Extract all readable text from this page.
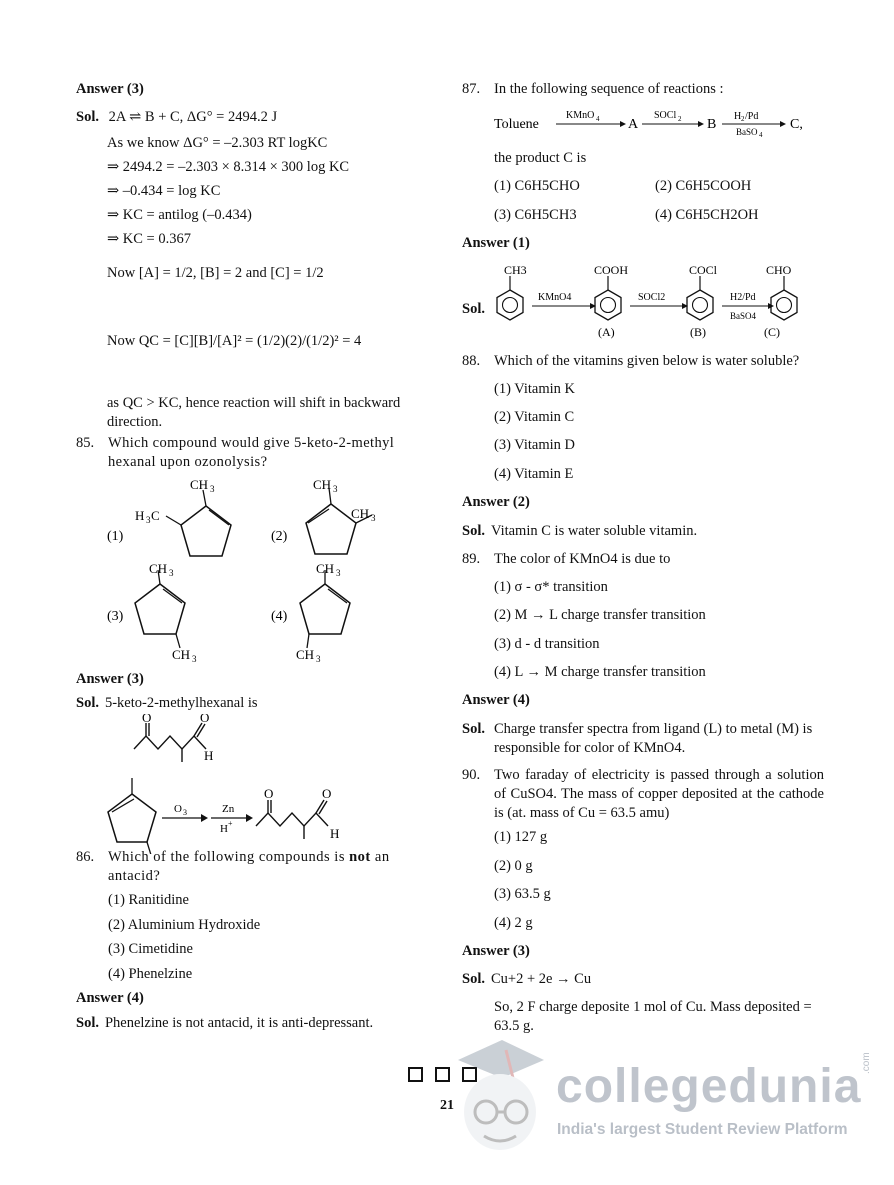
Answer (3)
Sol. 2A ⇌ B + C, ΔG° = 2494.2 J
As we know ΔG° = –2.303 RT logKC
⇒ 2494.2 = –2.303 × 8.314 × 300 log KC
⇒ –0.434 = log KC
⇒ KC = antilog (–0.434)
⇒ KC = 0.367
Now [A] = 1/2, [B] = 2 and [C] = 1/2
Now QC = [C][B]/[A]² = (1/2)(2)/(1/2)² = 4
as QC > KC, hence reaction will shift in backward direction.
85. Which compound would give 5-keto-2-methyl hexanal upon ozonolysis?
(1)
CH 3
H 3 C
(2)
CH 3
CH 3
(3)
CH 3
CH 3
(4)
CH 3
CH 3
Answer (3)
Sol. 5-keto-2-methylhexanal is
O	O
H
O 3	Zn
H +
O	O
H
86. Which of the following compounds is not an antacid?
(1) Ranitidine
(2) Aluminium Hydroxide
(3) Cimetidine
(4) Phenelzine
Answer (4)
Sol. Phenelzine is not antacid, it is anti-depressant.
87. In the following sequence of reactions :
Toluene
KMnO 4 A
SOCl 2 B
H 2 /Pd
BaSO 4
C,
the product C is
(1) C6H5CHO	(2) C6H5COOH
(3) C6H5CH3	(4) C6H5CH2OH
Answer (1)
Sol.
CH3
KMnO4
COOH
(A)
SOCl2
COCl
(B)
H2/Pd
BaSO4
CHO
(C)
88. Which of the vitamins given below is water soluble?
(1) Vitamin K
(2) Vitamin C
(3) Vitamin D
(4) Vitamin E
Answer (2)
Sol. Vitamin C is water soluble vitamin.
89. The color of KMnO4 is due to
(1) σ - σ* transition
(2) M → L charge transfer transition
(3) d - d transition
(4) L → M charge transfer transition
Answer (4)
Sol. Charge transfer spectra from ligand (L) to metal (M) is responsible for color of KMnO4.
90. Two faraday of electricity is passed through a solution of CuSO4. The mass of copper deposited at the cathode is (at. mass of Cu = 63.5 amu)
(1) 127 g
(2) 0 g
(3) 63.5 g
(4) 2 g
Answer (3)
Sol. Cu+2 + 2e → Cu
So, 2 F charge deposite 1 mol of Cu. Mass deposited = 63.5 g.
21 collegedunia .com
India's largest Student Review Platform
